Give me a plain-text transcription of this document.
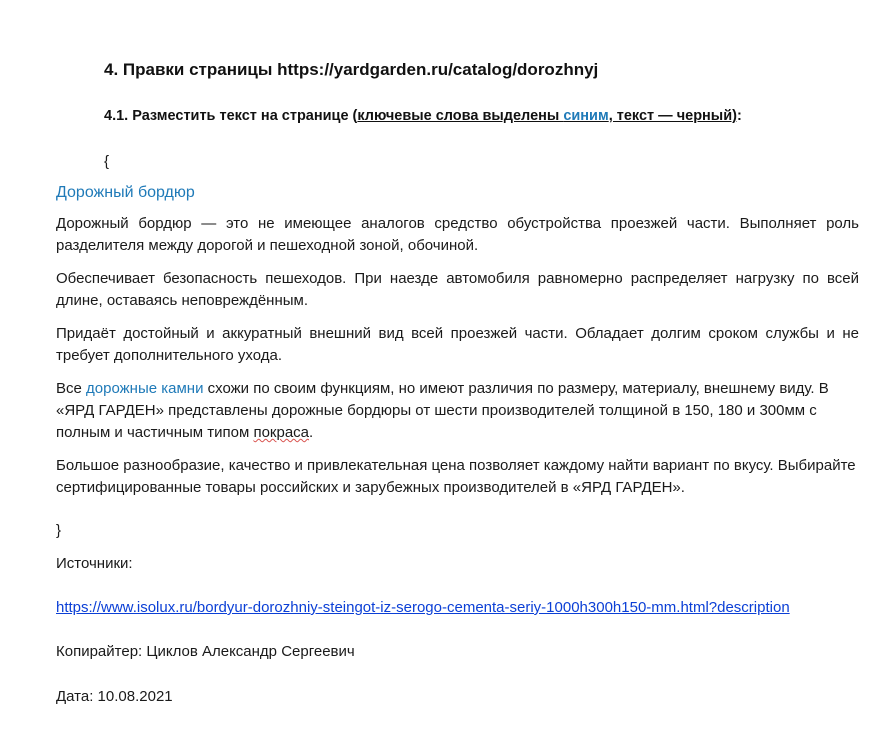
4. Правки страницы https://yardgarden.ru/catalog/dorozhnyj
4.1. Разместить текст на странице (ключевые слова выделены синим, текст — черный):
{
Дорожный бордюр

Дорожный бордюр — это не имеющее аналогов средство обустройства проезжей части. Выполняет роль разделителя между дорогой и пешеходной зоной, обочиной.

Обеспечивает безопасность пешеходов. При наезде автомобиля равномерно распределяет нагрузку по всей длине, оставаясь неповреждённым.

Придаёт достойный и аккуратный внешний вид всей проезжей части. Обладает долгим сроком службы и не требует дополнительного ухода.

Все дорожные камни схожи по своим функциям, но имеют различия по размеру, материалу, внешнему виду. В «ЯРД ГАРДЕН» представлены дорожные бордюры от шести производителей толщиной в 150, 180 и 300мм с полным и частичным типом покраса.

Большое разнообразие, качество и привлекательная цена позволяет каждому найти вариант по вкусу. Выбирайте сертифицированные товары российских и зарубежных производителей в «ЯРД ГАРДЕН».

}
Источники:
https://www.isolux.ru/bordyur-dorozhniy-steingot-iz-serogo-cementa-seriy-1000h300h150-mm.html?description
Копирайтер: Циклов Александр Сергеевич
Дата: 10.08.2021
